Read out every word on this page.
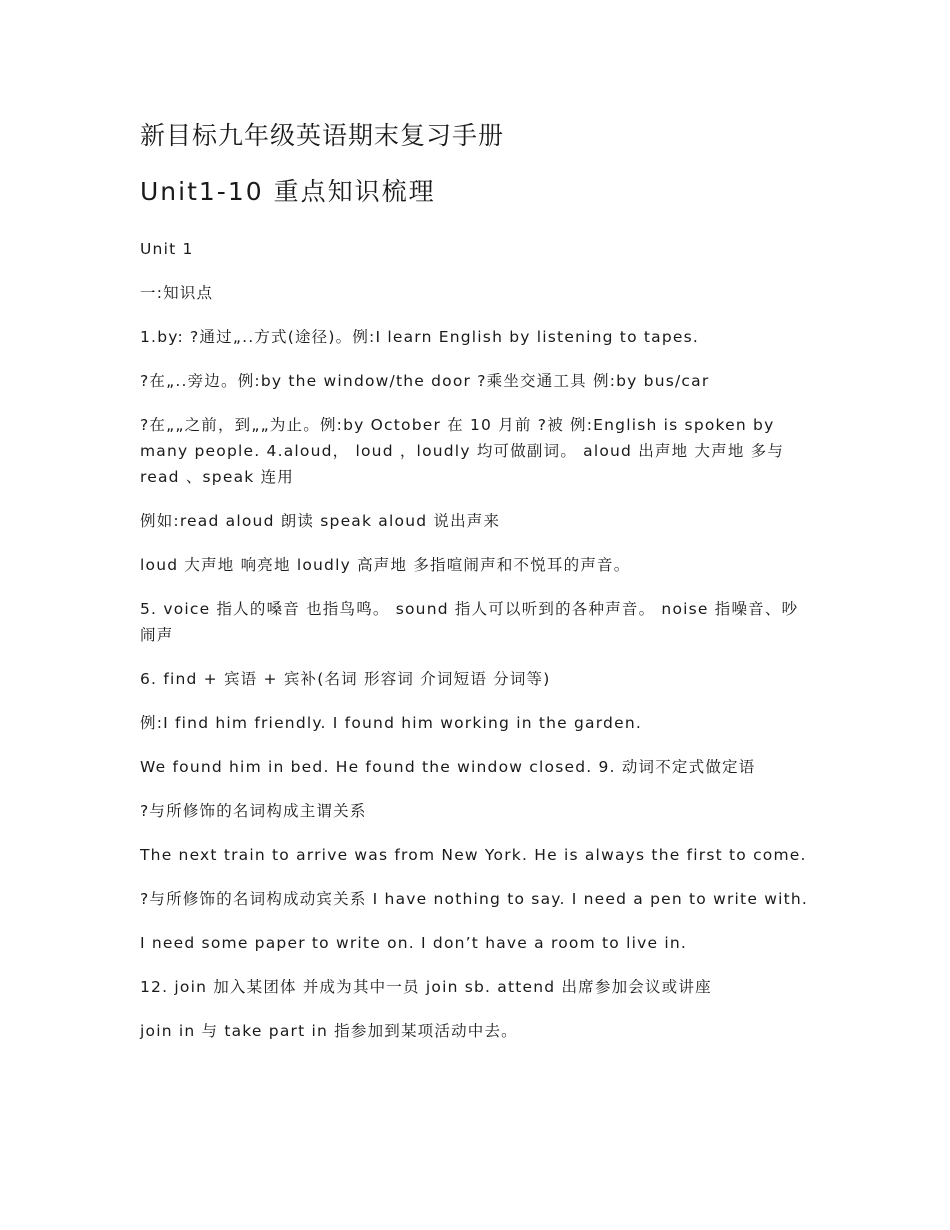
新目标九年级英语期末复习手册
Unit1-10 重点知识梳理

Unit 1

一:知识点

1.by: ?通过„..方式(途径)。例:I learn English by listening to tapes.

?在„..旁边。例:by the window/the door ?乘坐交通工具 例:by bus/car

?在„„之前，到„„为止。例:by October 在 10 月前 ?被 例:English is spoken by many people. 4.aloud， loud ，loudly 均可做副词。 aloud 出声地 大声地 多与 read 、speak 连用

例如:read aloud 朗读 speak aloud 说出声来

loud 大声地 响亮地 loudly 高声地 多指喧闹声和不悦耳的声音。

5. voice 指人的嗓音 也指鸟鸣。 sound 指人可以听到的各种声音。 noise 指噪音、吵闹声

6. find + 宾语 + 宾补(名词 形容词 介词短语 分词等)

例:I find him friendly. I found him working in the garden.

We found him in bed. He found the window closed. 9. 动词不定式做定语

?与所修饰的名词构成主谓关系

The next train to arrive was from New York. He is always the first to come.

?与所修饰的名词构成动宾关系 I have nothing to say. I need a pen to write with.

I need some paper to write on. I don’t have a room to live in.

12. join 加入某团体 并成为其中一员 join sb. attend 出席参加会议或讲座

join in 与 take part in 指参加到某项活动中去。
